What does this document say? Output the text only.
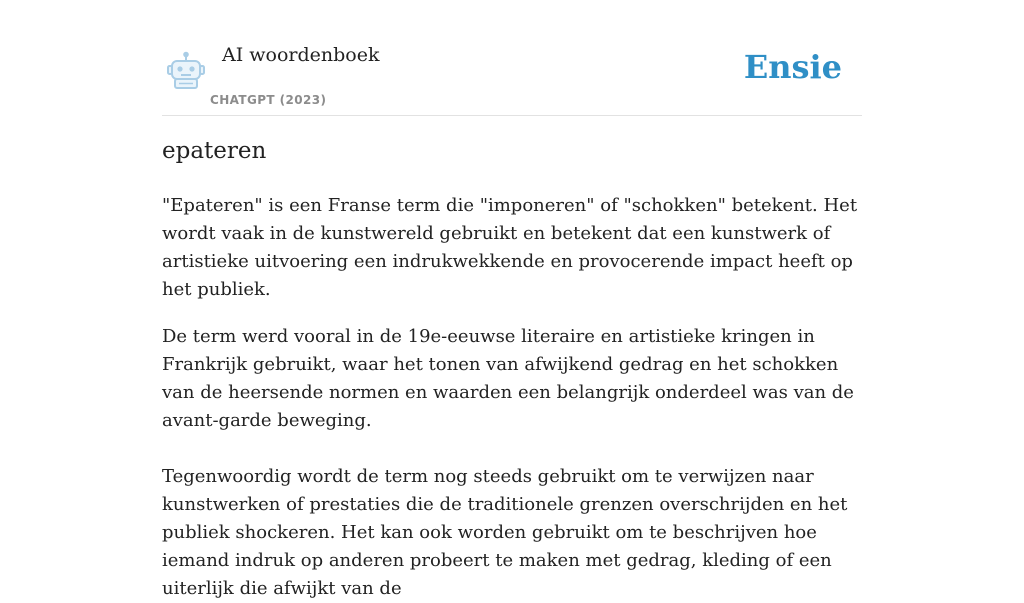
AI woordenboek
CHATGPT (2023)
Ensie
epateren

"Epateren" is een Franse term die "imponeren" of "schokken" betekent. Het wordt vaak in de kunstwereld gebruikt en betekent dat een kunstwerk of artistieke uitvoering een indrukwekkende en provocerende impact heeft op het publiek.

De term werd vooral in de 19e-eeuwse literaire en artistieke kringen in Frankrijk gebruikt, waar het tonen van afwijkend gedrag en het schokken van de heersende normen en waarden een belangrijk onderdeel was van de avant-garde beweging.

Tegenwoordig wordt de term nog steeds gebruikt om te verwijzen naar kunstwerken of prestaties die de traditionele grenzen overschrijden en het publiek shockeren. Het kan ook worden gebruikt om te beschrijven hoe iemand indruk op anderen probeert te maken met gedrag, kleding of een uiterlijk die afwijkt van de
